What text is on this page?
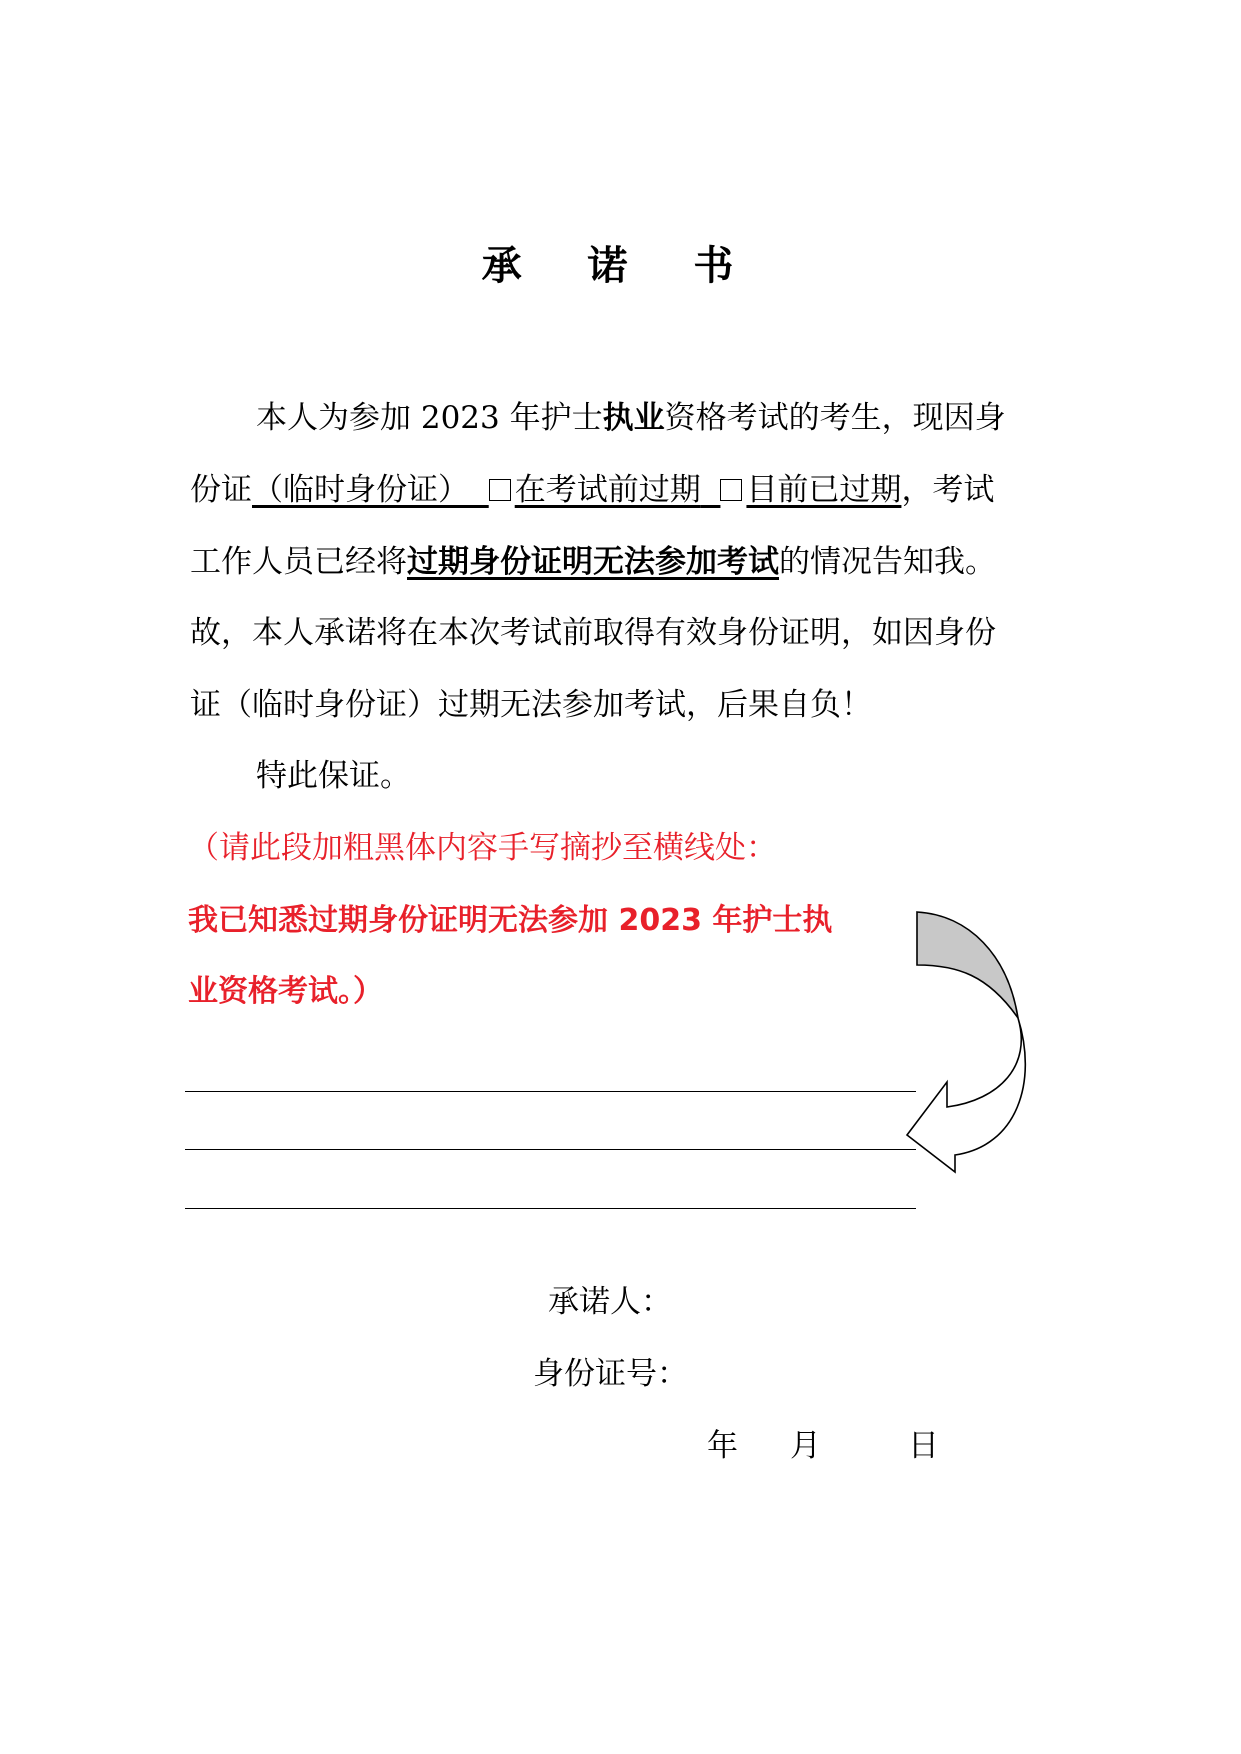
承 诺 书
本人为参加 2023 年护士执业资格考试的考生，现因身
份证（临时身份证） 在考试前过期 目前已过期，考试
工作人员已经将过期身份证明无法参加考试的情况告知我。
故，本人承诺将在本次考试前取得有效身份证明，如因身份
证（临时身份证）过期无法参加考试，后果自负！
特此保证。
（请此段加粗黑体内容手写摘抄至横线处：
我已知悉过期身份证明无法参加 2023 年护士执
业资格考试。）
承诺人：
身份证号：
年 月	日
